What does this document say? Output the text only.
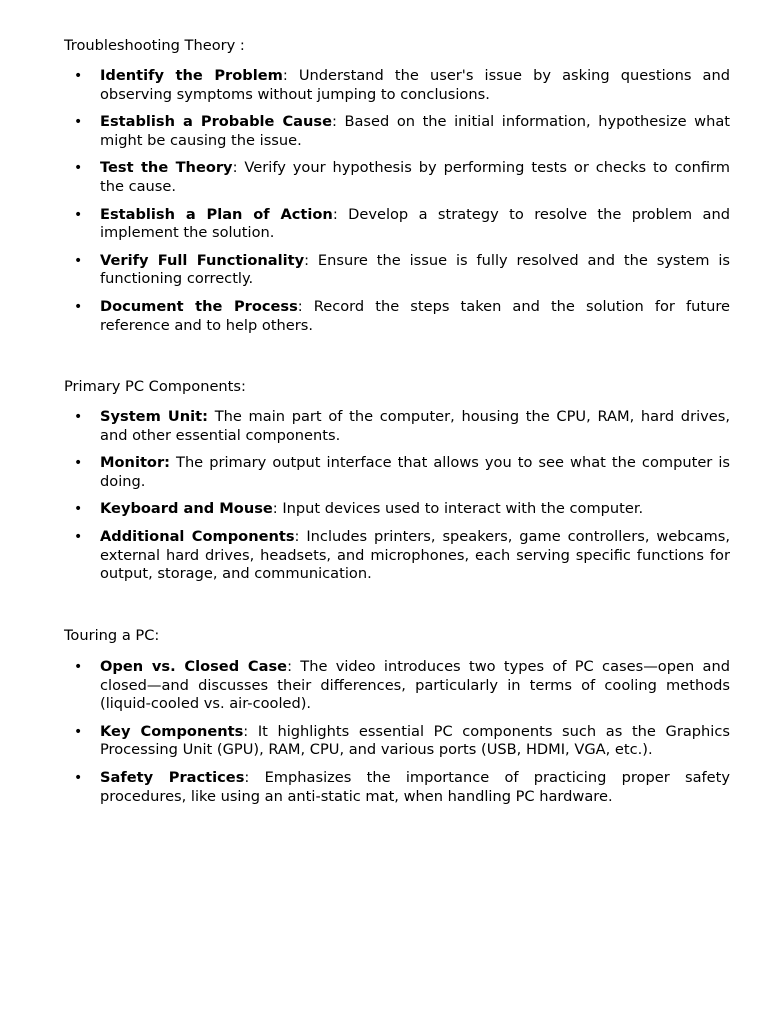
Troubleshooting Theory :

• Identify the Problem: Understand the user's issue by asking questions and observing symptoms without jumping to conclusions.
• Establish a Probable Cause: Based on the initial information, hypothesize what might be causing the issue.
• Test the Theory: Verify your hypothesis by performing tests or checks to confirm the cause.
• Establish a Plan of Action: Develop a strategy to resolve the problem and implement the solution.
• Verify Full Functionality: Ensure the issue is fully resolved and the system is functioning correctly.
• Document the Process: Record the steps taken and the solution for future reference and to help others.

Primary PC Components:

• System Unit: The main part of the computer, housing the CPU, RAM, hard drives, and other essential components.
• Monitor: The primary output interface that allows you to see what the computer is doing.
• Keyboard and Mouse: Input devices used to interact with the computer.
• Additional Components: Includes printers, speakers, game controllers, webcams, external hard drives, headsets, and microphones, each serving specific functions for output, storage, and communication.

Touring a PC:

• Open vs. Closed Case: The video introduces two types of PC cases—open and closed—and discusses their differences, particularly in terms of cooling methods (liquid-cooled vs. air-cooled).
• Key Components: It highlights essential PC components such as the Graphics Processing Unit (GPU), RAM, CPU, and various ports (USB, HDMI, VGA, etc.).
• Safety Practices: Emphasizes the importance of practicing proper safety procedures, like using an anti-static mat, when handling PC hardware.
